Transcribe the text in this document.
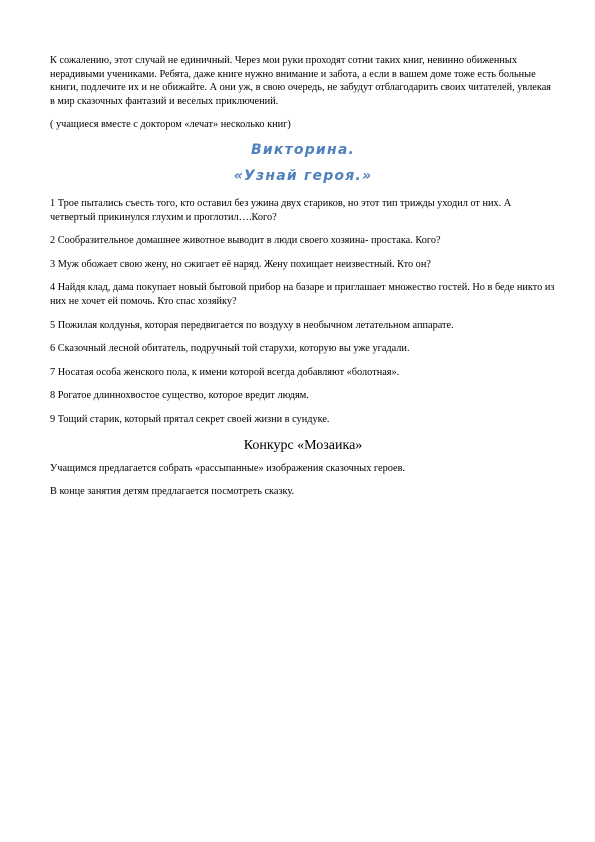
К сожалению, этот случай не единичный. Через мои руки проходят сотни таких книг, невинно обиженных нерадивыми учениками. Ребята, даже книге нужно внимание и забота, а если в вашем доме тоже есть больные книги, подлечите их и не обижайте. А они уж, в свою очередь, не забудут отблагодарить своих читателей, увлекая в мир сказочных фантазий и веселых приключений.

( учащиеся вместе с доктором «лечат» несколько книг)

Викторина.
«Узнай героя.»

1 Трое пытались съесть того, кто оставил без ужина двух стариков, но этот тип трижды уходил от них. А четвертый прикинулся глухим и проглотил….Кого?

2 Сообразительное домашнее животное выводит в люди своего хозяина- простака. Кого?

3 Муж обожает свою жену, но сжигает её наряд. Жену похищает неизвестный. Кто он?

4 Найдя клад, дама покупает новый бытовой прибор на базаре и приглашает множество гостей. Но в беде никто из них не хочет ей помочь. Кто спас хозяйку?

5 Пожилая колдунья, которая передвигается по воздуху в необычном летательном аппарате.

6 Сказочный лесной обитатель, подручный той старухи, которую вы уже угадали.

7 Носатая особа женского пола, к имени которой всегда добавляют «болотная».

8 Рогатое длиннохвостое существо, которое вредит людям.

9 Тощий старик, который прятал секрет своей жизни в сундуке.

Конкурс «Мозаика»

Учащимся предлагается собрать «рассыпанные» изображения сказочных героев.

В конце занятия детям предлагается посмотреть сказку.
